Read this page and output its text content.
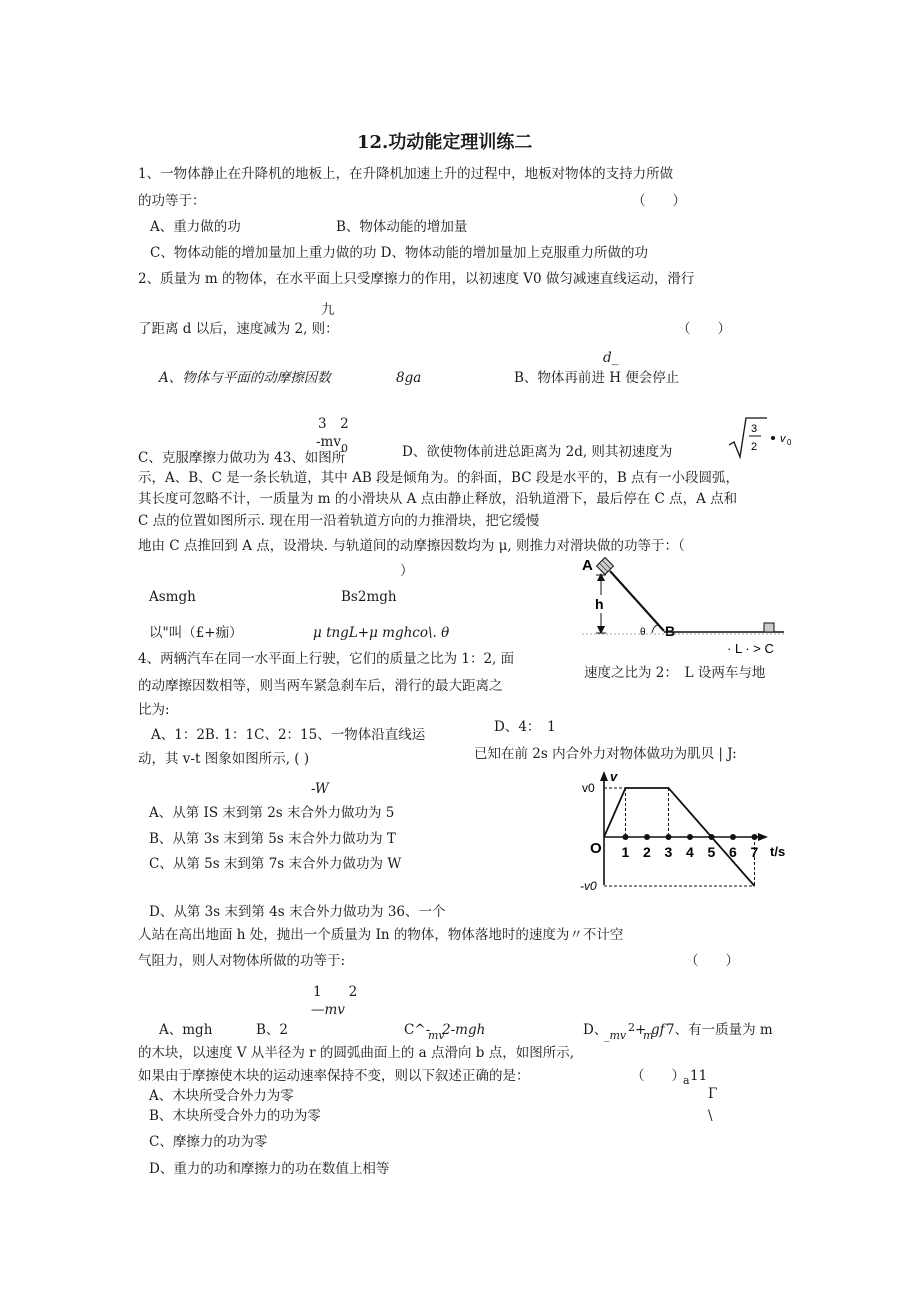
12.功动能定理训练二
1、一物体静止在升降机的地板上，在升降机加速上升的过程中，地板对物体的支持力所做
的功等于：	（　　）
A、重力做的功	B、物体动能的增加量
C、物体动能的增加量加上重力做的功 D、物体动能的增加量加上克服重力所做的功
2、质量为 m 的物体，在水平面上只受摩擦力的作用，以初速度 V0 做匀减速直线运动，滑行
九
了距离 d 以后，速度减为 2, 则：	（　　）
d_
A、物体与平面的动摩擦因数	8ga	B、物体再前进 H 便会停止
3　2
-mv 0
3
2
v 0
C、克服摩擦力做功为 43、如图所	D、欲使物体前进总距离为 2d, 则其初速度为
示，A、B、C 是一条长轨道，其中 AB 段是倾角为。的斜面，BC 段是水平的，B 点有一小段圆弧，
其长度可忽略不计，一质量为 m 的小滑块从 A 点由静止释放，沿轨道滑下，最后停在 C 点，A 点和
C 点的位置如图所示. 现在用一沿着轨道方向的力推滑块，把它缓慢
地由 C 点推回到 A 点，设滑块. 与轨道间的动摩擦因数均为 μ, 则推力对滑块做的功等于：（
）
Asmgh	Bs2mgh
以"叫（£+痂）	μ tngL+μ mghco\. θ
A
h
θ B
· L · > C
4、两辆汽车在同一水平面上行驶，它们的质量之比为 1：2, 面
速度之比为 2：　L 设两车与地
的动摩擦因数相等，则当两车紧急刹车后，滑行的最大距离之
比为:
D、4：　1
A、1：2B. 1：1C、2：15、一物体沿直线运
已知在前 2s 内合外力对物体做功为肌贝 | J:
动，其 v-t 图象如图所示, ( )
-W
A、从第 IS 末到第 2s 末合外力做功为 5
B、从第 3s 末到第 5s 末合外力做功为 T
C、从第 5s 末到第 7s 末合外力做功为 W
v
t/s
v0
-v0
O 1 2 3 4 5 6 7
D、从第 3s 末到第 4s 末合外力做功为 36、一个
人站在高出地面 h 处，抛出一个质量为 In 的物体，物体落地时的速度为〃不计空
气阻力，则人对物体所做的功等于:	（　　）
1　　2
—mv
A、mgh	B、2	C^-
mv
2-mgh	D、
_mv
2 +
m
gf 7、有一质量为 m
的木块，以速度 V 从半径为 r 的圆弧曲面上的 a 点滑向 b 点，如图所示,
如果由于摩擦使木块的运动速率保持不变，则以下叙述正确的是：	（　　）
a 11
Γ
A、木块所受合外力为零
B、木块所受合外力的功为零	\
C、摩擦力的功为零
D、重力的功和摩擦力的功在数值上相等
